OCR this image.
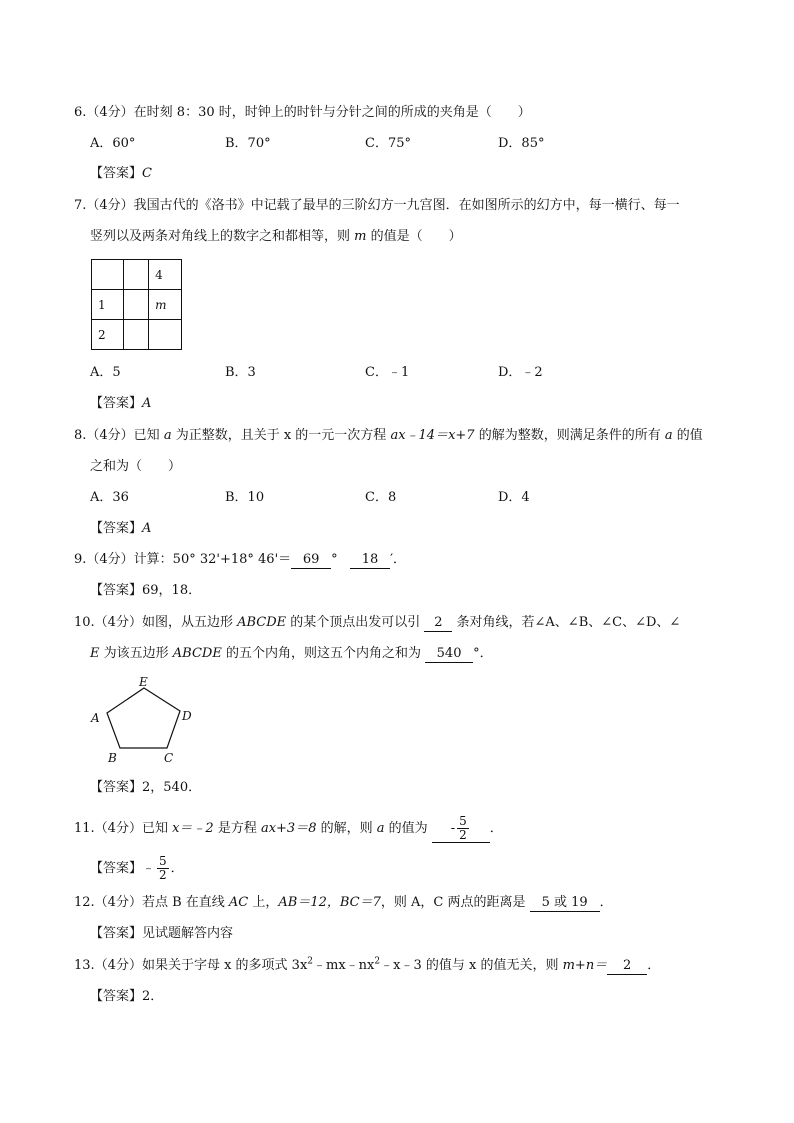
6.（4分）在时刻 8：30 时，时钟上的时针与分针之间的所成的夹角是（　　）
A．60°	B．70°	C．75°	D．85°
【答案】C
7.（4分）我国古代的《洛书》中记载了最早的三阶幻方一九宫图．在如图所示的幻方中，每一横行、每一
竖列以及两条对角线上的数字之和都相等，则 m 的值是（　　）
		4
1		m
2		
A．5	B．3	C．﹣1	D．﹣2
【答案】A
8.（4分）已知 a 为正整数，且关于 x 的一元一次方程 ax﹣14＝x+7 的解为整数，则满足条件的所有 a 的值
之和为（　　）
A．36	B．10	C．8	D．4
【答案】A
9.（4分）计算：50° 32'+18° 46'＝ 69 ° 18 ′．
【答案】69，18．
10.（4分）如图，从五边形 ABCDE 的某个顶点出发可以引 2 条对角线，若∠A、∠B、∠C、∠D、∠
E 为该五边形 ABCDE 的五个内角，则这五个内角之和为 540 °．
E
D
C
B
A
【答案】2，540．
11.（4分）已知 x＝﹣2 是方程 ax+3＝8 的解，则 a 的值为 - $\frac{5}{2}$ ．
【答案】﹣ $\frac{5}{2}$ ．
12.（4分）若点 B 在直线 AC 上，AB＝12，BC＝7，则 A，C 两点的距离是 5 或 19 ．
【答案】见试题解答内容
13.（4分）如果关于字母 x 的多项式 $3x^2﹣mx﹣nx^2﹣x﹣3$ 的值与 x 的值无关，则 m+n＝ 2 ．
【答案】2．
